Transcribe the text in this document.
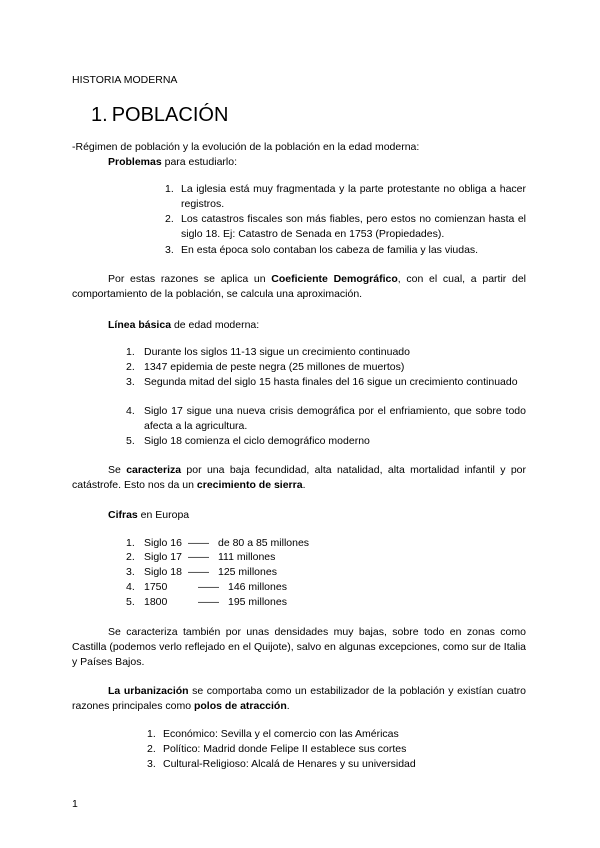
HISTORIA MODERNA
1. POBLACIÓN
-Régimen de población y la evolución de la población en la edad moderna:
Problemas para estudiarlo:
1 . La iglesia está muy fragmentada y la parte protestante no obliga a hacer registros.
2 . Los catastros fiscales son más fiables, pero estos no comienzan hasta el siglo 18. Ej: Catastro de Senada en 1753 (Propiedades).
3 . En esta época solo contaban los cabeza de familia y las viudas.
Por estas razones se aplica un Coeficiente Demográfico, con el cual, a partir del comportamiento de la población, se calcula una aproximación.
Línea básica de edad moderna:
1 . Durante los siglos 11-13 sigue un crecimiento continuado
2 . 1347 epidemia de peste negra (25 millones de muertos)
3 . Segunda mitad del siglo 15 hasta finales del 16 sigue un crecimiento continuado
4 . Siglo 17 sigue una nueva crisis demográfica por el enfriamiento, que sobre todo afecta a la agricultura.
5 . Siglo 18 comienza el ciclo demográfico moderno
Se caracteriza por una baja fecundidad, alta natalidad, alta mortalidad infantil y por catástrofe. Esto nos da un crecimiento de sierra.
Cifras en Europa
1 . Siglo 16 —— de 80 a 85 millones
2 . Siglo 17 —— 111 millones
3 . Siglo 18 —— 125 millones
4 . 1750	—— 146 millones
5 . 1800	—— 195 millones
Se caracteriza también por unas densidades muy bajas, sobre todo en zonas como Castilla (podemos verlo reflejado en el Quijote), salvo en algunas excepciones, como sur de Italia y Países Bajos.
La urbanización se comportaba como un estabilizador de la población y existían cuatro razones principales como polos de atracción.
1 . Económico: Sevilla y el comercio con las Américas
2 . Político: Madrid donde Felipe II establece sus cortes
3 . Cultural-Religioso: Alcalá de Henares y su universidad
1
